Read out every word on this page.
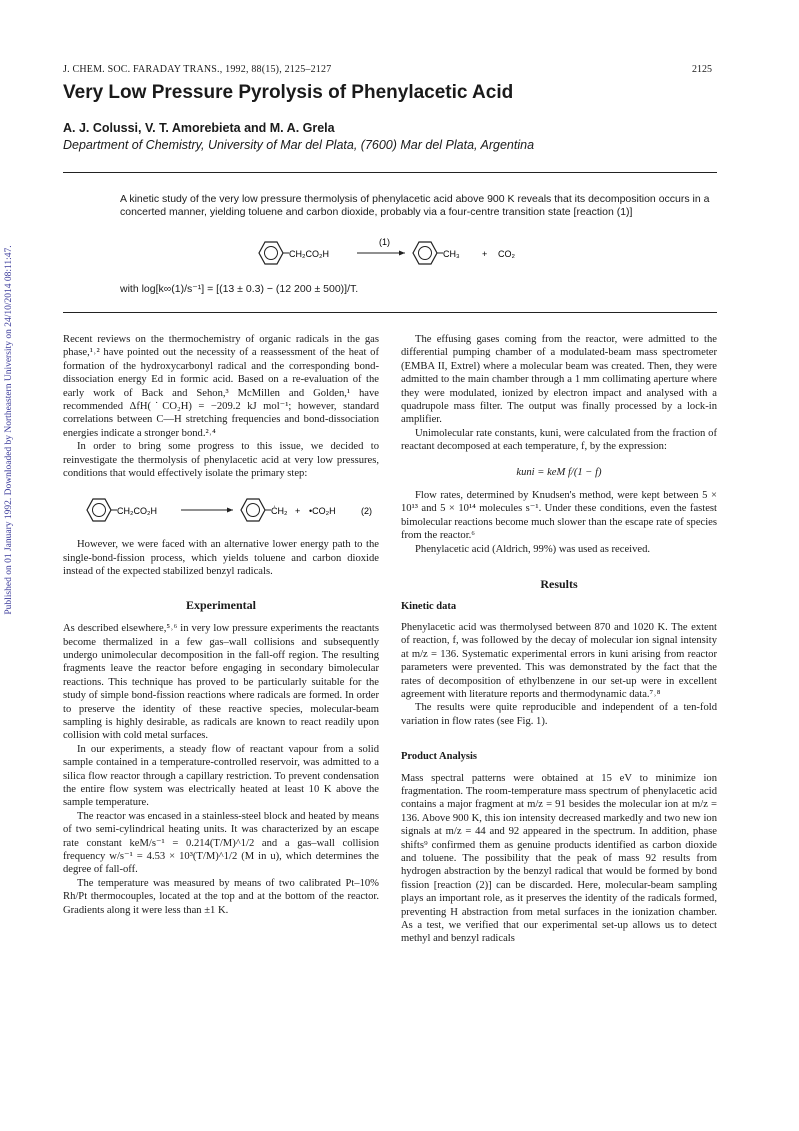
Published on 01 January 1992. Downloaded by Northeastern University on 24/10/2014 08:11:47.
J. CHEM. SOC. FARADAY TRANS., 1992, 88(15), 2125–2127	2125
Very Low Pressure Pyrolysis of Phenylacetic Acid
A. J. Colussi, V. T. Amorebieta and M. A. Grela
Department of Chemistry, University of Mar del Plata, (7600) Mar del Plata, Argentina
A kinetic study of the very low pressure thermolysis of phenylacetic acid above 900 K reveals that its decomposition occurs in a concerted manner, yielding toluene and carbon dioxide, probably via a four-centre transition state [reaction (1)]
CH₂CO₂H
(1)
CH₃ + CO₂
with log[k∞(1)/s⁻¹] = [(13 ± 0.3) − (12 200 ± 500)]/T.

Recent reviews on the thermochemistry of organic radicals in the gas phase,¹˒² have pointed out the necessity of a reassessment of the heat of formation of the hydroxycarbonyl radical and the corresponding bond-dissociation energy Ed in formic acid. Based on a re-evaluation of the early work of Back and Sehon,³ McMillen and Golden,¹ have recommended ΔfH(˙CO₂H) = −209.2 kJ mol⁻¹; however, standard correlations between C—H stretching frequencies and bond-dissociation energies indicate a stronger bond.²˒⁴

In order to bring some progress to this issue, we decided to reinvestigate the thermolysis of phenylacetic acid at very low pressures, conditions that would effectively isolate the primary step:

CH₂CO₂H	ĊH₂ + •CO₂H	(2)

However, we were faced with an alternative lower energy path to the single-bond-fission process, which yields toluene and carbon dioxide instead of the expected stabilized benzyl radicals.

Experimental

As described elsewhere,⁵˒⁶ in very low pressure experiments the reactants become thermalized in a few gas–wall collisions and subsequently undergo unimolecular decomposition in the fall-off region. The resulting fragments leave the reactor before engaging in secondary bimolecular reactions. This technique has proved to be particularly suitable for the study of simple bond-fission reactions where radicals are formed. In order to preserve the identity of these reactive species, molecular-beam sampling is highly desirable, as radicals are known to react readily upon collision with cold metal surfaces.

In our experiments, a steady flow of reactant vapour from a solid sample contained in a temperature-controlled reservoir, was admitted to a silica flow reactor through a capillary restriction. To prevent condensation the entire flow system was electrically heated at least 10 K above the sample temperature.

The reactor was encased in a stainless-steel block and heated by means of two semi-cylindrical heating units. It was characterized by an escape rate constant keM/s⁻¹ = 0.214(T/M)^1/2 and a gas–wall collision frequency w/s⁻¹ = 4.53 × 10³(T/M)^1/2 (M in u), which determines the degree of fall-off.

The temperature was measured by means of two calibrated Pt–10% Rh/Pt thermocouples, located at the top and at the bottom of the reactor. Gradients along it were less than ±1 K.

The effusing gases coming from the reactor, were admitted to the differential pumping chamber of a modulated-beam mass spectrometer (EMBA II, Extrel) where a molecular beam was created. Then, they were admitted to the main chamber through a 1 mm collimating aperture where they were modulated, ionized by electron impact and analysed with a quadrupole mass filter. The output was finally processed by a lock-in amplifier.

Unimolecular rate constants, kuni, were calculated from the fraction of reactant decomposed at each temperature, f, by the expression:

kuni = keM f/(1 − f)

Flow rates, determined by Knudsen's method, were kept between 5 × 10¹³ and 5 × 10¹⁴ molecules s⁻¹. Under these conditions, even the fastest bimolecular reactions become much slower than the escape rate of species from the reactor.⁶

Phenylacetic acid (Aldrich, 99%) was used as received.

Results
Kinetic data

Phenylacetic acid was thermolysed between 870 and 1020 K. The extent of reaction, f, was followed by the decay of molecular ion signal intensity at m/z = 136. Systematic experimental errors in kuni arising from reactor parameters were prevented. This was demonstrated by the fact that the rates of decomposition of ethylbenzene in our set-up were in excellent agreement with literature reports and thermodynamic data.⁷˒⁸

The results were quite reproducible and independent of a ten-fold variation in flow rates (see Fig. 1).

Product Analysis

Mass spectral patterns were obtained at 15 eV to minimize ion fragmentation. The room-temperature mass spectrum of phenylacetic acid contains a major fragment at m/z = 91 besides the molecular ion at m/z = 136. Above 900 K, this ion intensity decreased markedly and two new ion signals at m/z = 44 and 92 appeared in the spectrum. In addition, phase shifts⁹ confirmed them as genuine products identified as carbon dioxide and toluene. The possibility that the peak of mass 92 results from hydrogen abstraction by the benzyl radical that would be formed by bond fission [reaction (2)] can be discarded. Here, molecular-beam sampling plays an important role, as it preserves the identity of the radicals formed, preventing H abstraction from metal surfaces in the ionization chamber. As a test, we verified that our experimental set-up allows us to detect methyl and benzyl radicals
